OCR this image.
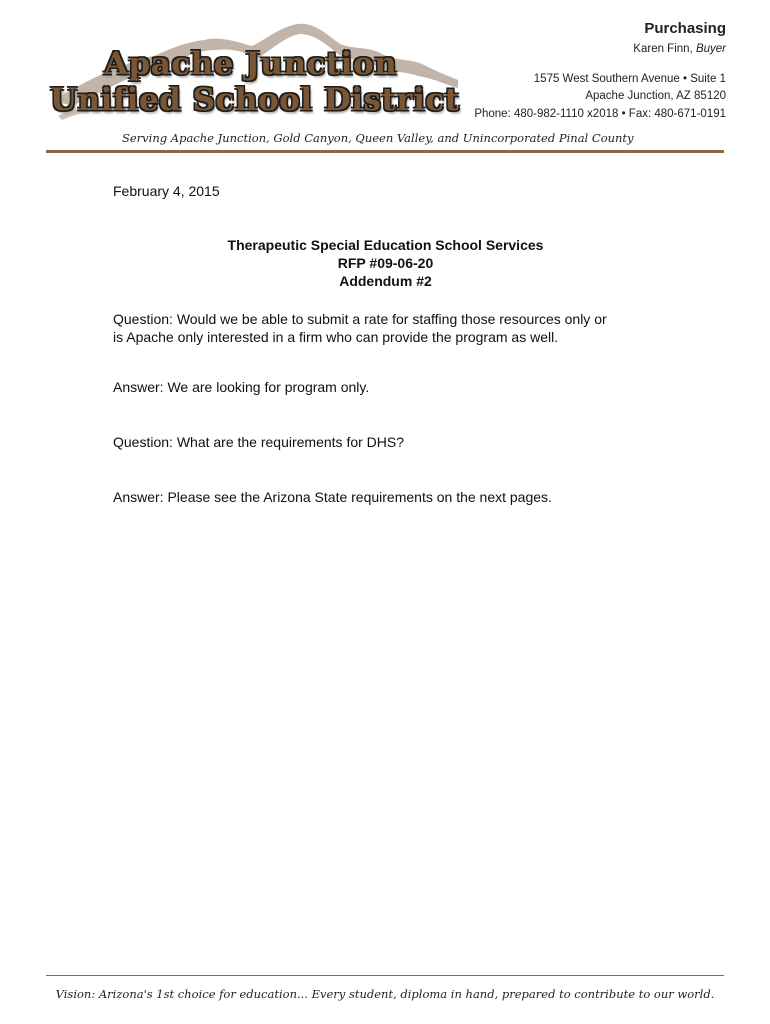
Apache Junction
Unified School District
Purchasing
Karen Finn, Buyer
1575 West Southern Avenue • Suite 1
Apache Junction, AZ 85120
Phone: 480-982-1110 x2018 • Fax: 480-671-0191
Serving Apache Junction, Gold Canyon, Queen Valley, and Unincorporated Pinal County

February 4, 2015

Therapeutic Special Education School Services
RFP #09-06-20
Addendum #2
Question: Would we be able to submit a rate for staffing those resources only or
is Apache only interested in a firm who can provide the program as well.
Answer: We are looking for program only.
Question: What are the requirements for DHS?
Answer: Please see the Arizona State requirements on the next pages.
Vision: Arizona's 1st choice for education... Every student, diploma in hand, prepared to contribute to our world.
